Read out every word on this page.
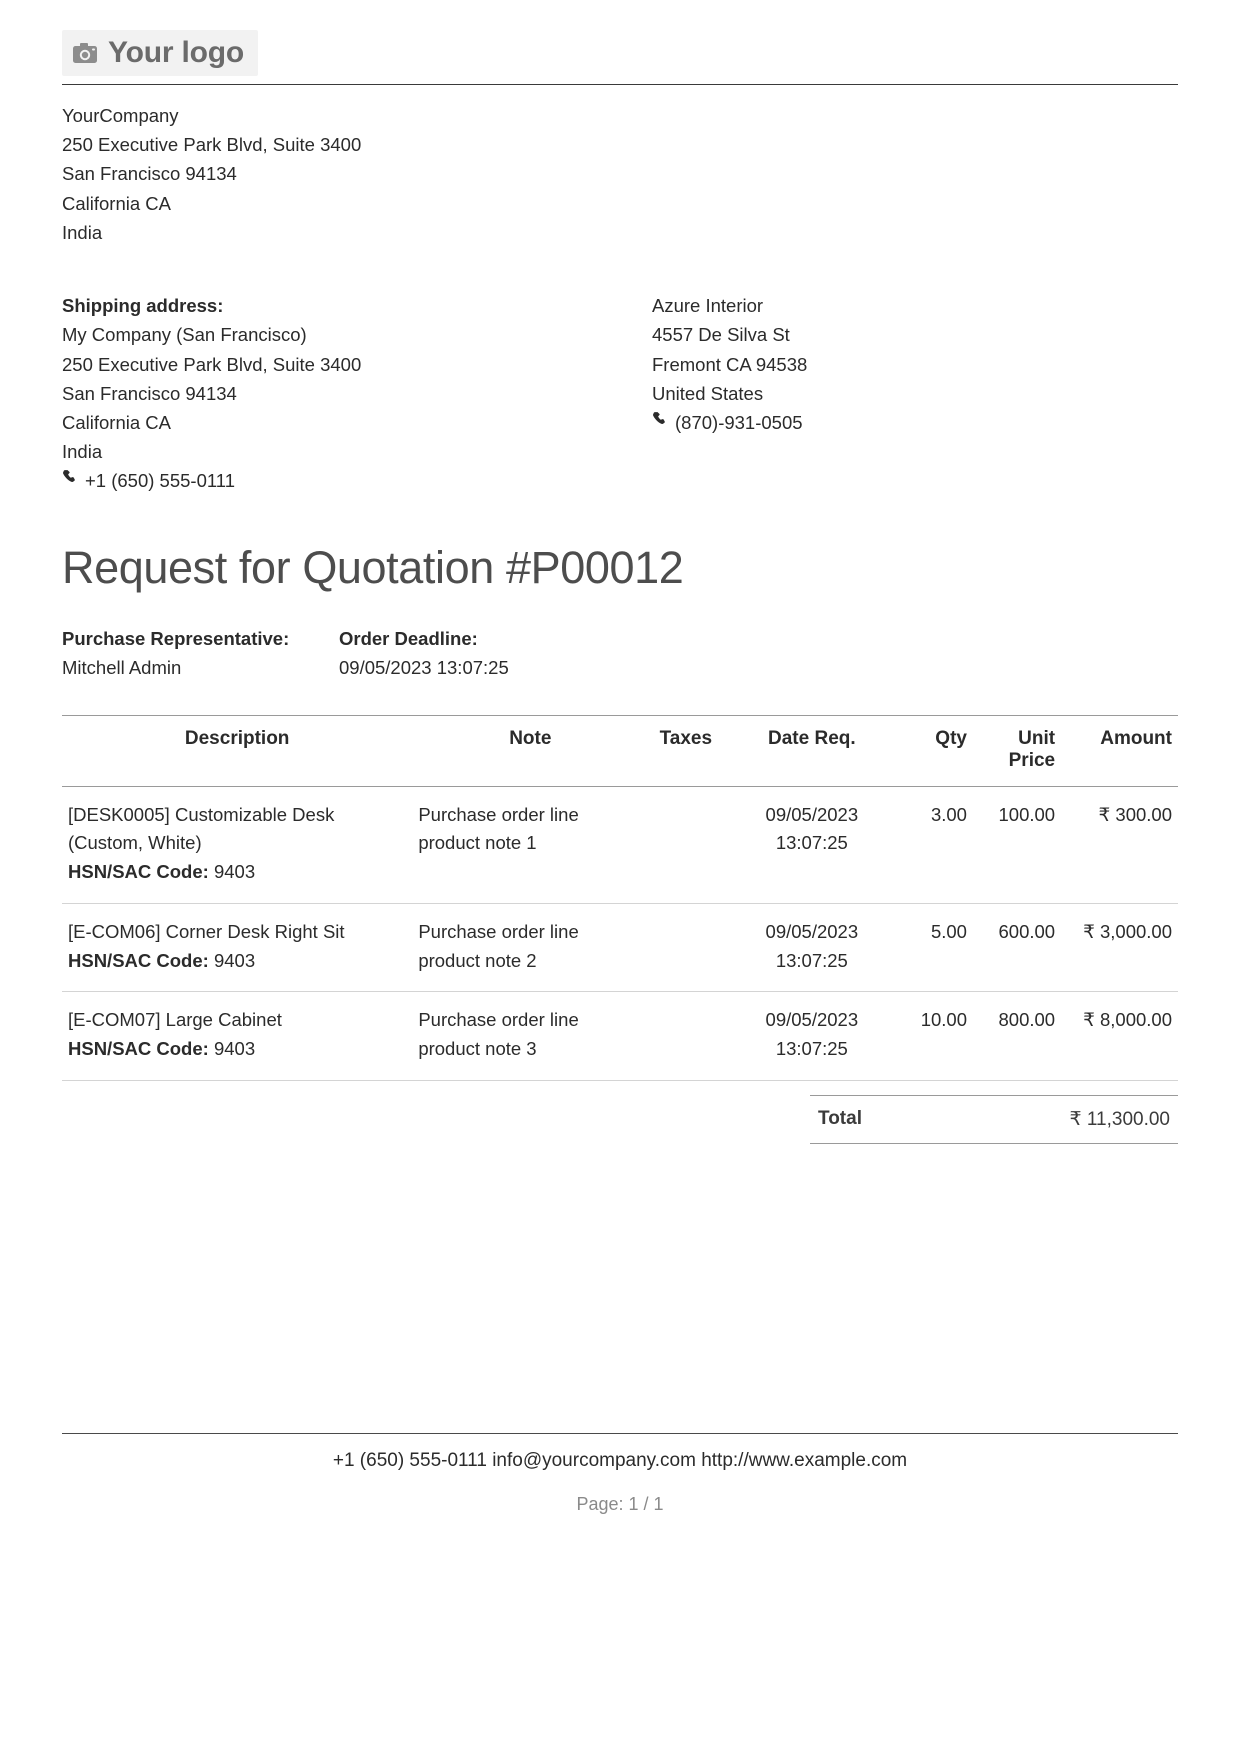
Your logo
YourCompany
250 Executive Park Blvd, Suite 3400
San Francisco 94134
California CA
India
Shipping address:
My Company (San Francisco)
250 Executive Park Blvd, Suite 3400
San Francisco 94134
California CA
India
+1 (650) 555-0111
Azure Interior
4557 De Silva St
Fremont CA 94538
United States
(870)-931-0505
Request for Quotation #P00012
Purchase Representative:
Mitchell Admin
Order Deadline:
09/05/2023 13:07:25
Description	Note	Taxes	Date Req.	Qty	Unit Price	Amount
[DESK0005] Customizable Desk (Custom, White)
HSN/SAC Code: 9403	Purchase order line product note 1		09/05/2023 13:07:25	3.00	100.00	₹ 300.00
[E-COM06] Corner Desk Right Sit
HSN/SAC Code: 9403	Purchase order line product note 2		09/05/2023 13:07:25	5.00	600.00	₹ 3,000.00
[E-COM07] Large Cabinet
HSN/SAC Code: 9403	Purchase order line product note 3		09/05/2023 13:07:25	10.00	800.00	₹ 8,000.00
Total	₹ 11,300.00
+1 (650) 555-0111 info@yourcompany.com http://www.example.com
Page: 1 / 1
